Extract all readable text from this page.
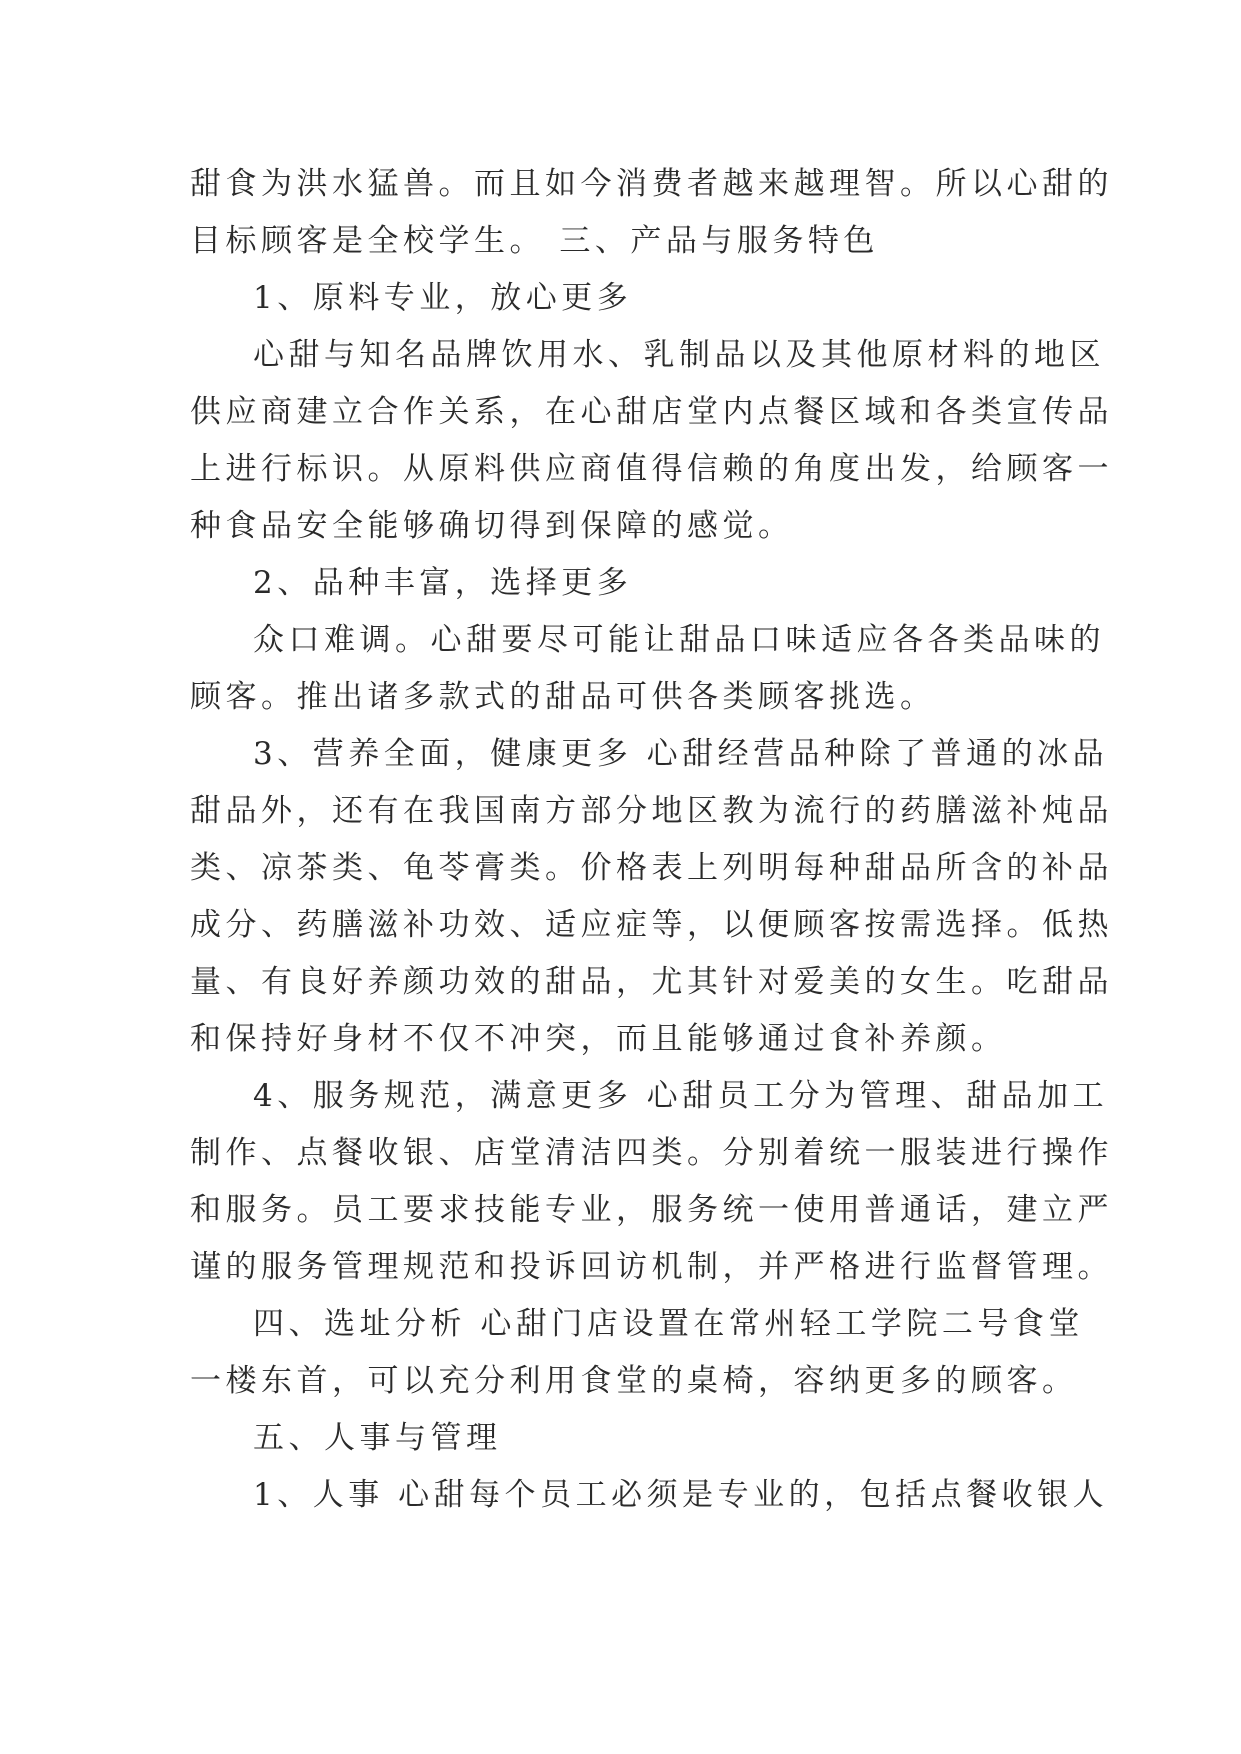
甜食为洪水猛兽。而且如今消费者越来越理智。所以心甜的
目标顾客是全校学生。 三、产品与服务特色
1、原料专业，放心更多
心甜与知名品牌饮用水、乳制品以及其他原材料的地区
供应商建立合作关系，在心甜店堂内点餐区域和各类宣传品
上进行标识。从原料供应商值得信赖的角度出发，给顾客一
种食品安全能够确切得到保障的感觉。
2、品种丰富，选择更多
众口难调。心甜要尽可能让甜品口味适应各各类品味的
顾客。推出诸多款式的甜品可供各类顾客挑选。
3、营养全面，健康更多 心甜经营品种除了普通的冰品
甜品外，还有在我国南方部分地区教为流行的药膳滋补炖品
类、凉茶类、龟苓膏类。价格表上列明每种甜品所含的补品
成分、药膳滋补功效、适应症等，以便顾客按需选择。低热
量、有良好养颜功效的甜品，尤其针对爱美的女生。吃甜品
和保持好身材不仅不冲突，而且能够通过食补养颜。
4、服务规范，满意更多 心甜员工分为管理、甜品加工
制作、点餐收银、店堂清洁四类。分别着统一服装进行操作
和服务。员工要求技能专业，服务统一使用普通话，建立严
谨的服务管理规范和投诉回访机制，并严格进行监督管理。
四、选址分析 心甜门店设置在常州轻工学院二号食堂
一楼东首，可以充分利用食堂的桌椅，容纳更多的顾客。
五、人事与管理
1、人事 心甜每个员工必须是专业的，包括点餐收银人
